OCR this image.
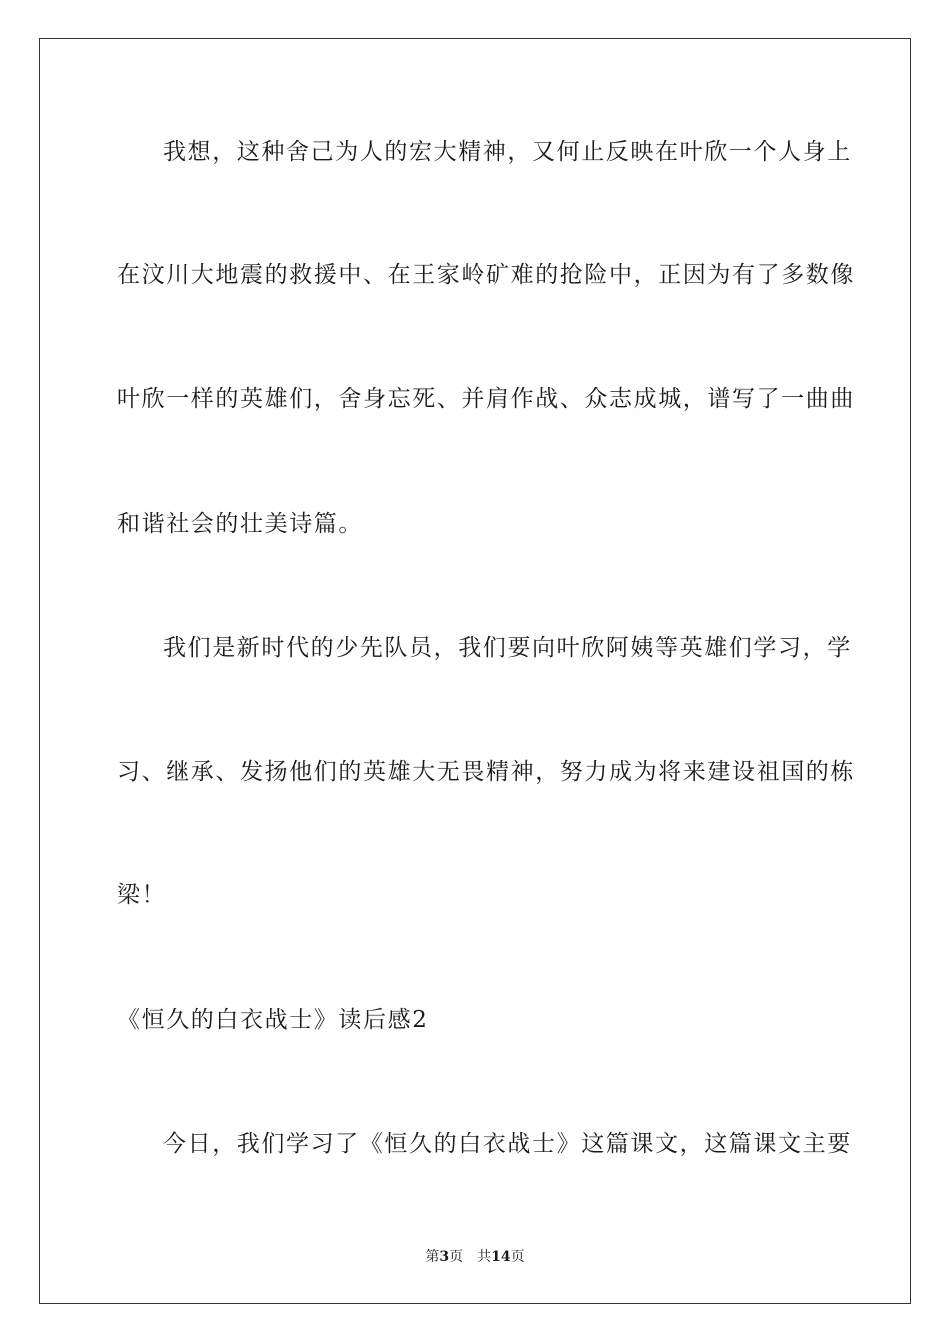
我想，这种舍己为人的宏大精神，又何止反映在叶欣一个人身上
在汶川大地震的救援中、在王家岭矿难的抢险中，正因为有了多数像
叶欣一样的英雄们，舍身忘死、并肩作战、众志成城，谱写了一曲曲
和谐社会的壮美诗篇。
我们是新时代的少先队员，我们要向叶欣阿姨等英雄们学习，学
习、继承、发扬他们的英雄大无畏精神，努力成为将来建设祖国的栋
梁！
《恒久的白衣战士》读后感2
今日，我们学习了《恒久的白衣战士》这篇课文，这篇课文主要
第3页　共14页
